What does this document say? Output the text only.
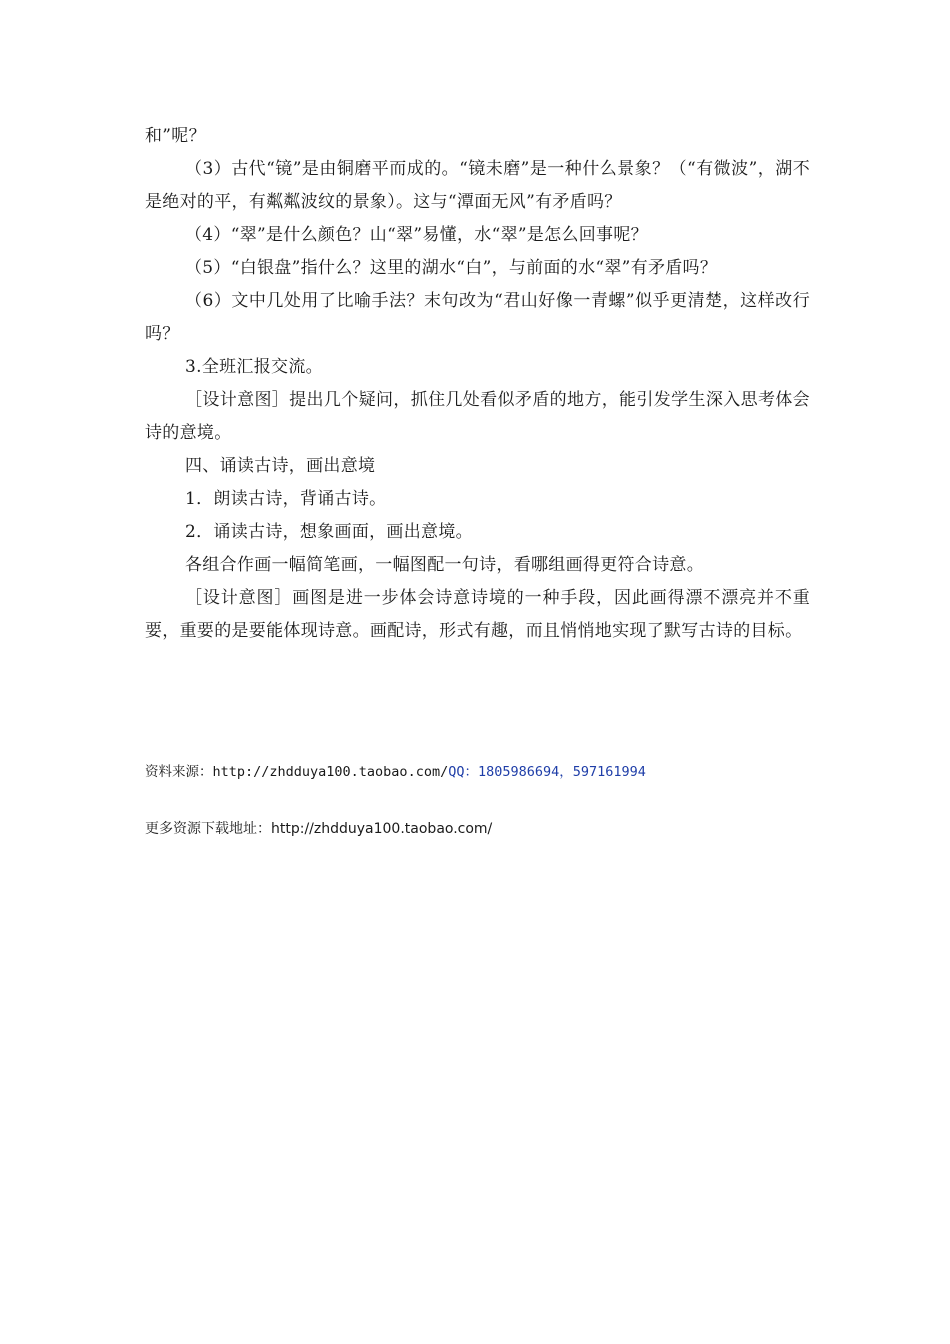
和”呢？

（3）古代“镜”是由铜磨平而成的。“镜未磨”是一种什么景象？（“有微波”，湖不是绝对的平，有粼粼波纹的景象）。这与“潭面无风”有矛盾吗？

（4）“翠”是什么颜色？山“翠”易懂，水“翠”是怎么回事呢？

（5）“白银盘”指什么？这里的湖水“白”，与前面的水“翠”有矛盾吗？

（6）文中几处用了比喻手法？末句改为“君山好像一青螺”似乎更清楚，这样改行吗？

3.全班汇报交流。

［设计意图］提出几个疑问，抓住几处看似矛盾的地方，能引发学生深入思考体会诗的意境。

四、诵读古诗，画出意境

1．朗读古诗，背诵古诗。

2．诵读古诗，想象画面，画出意境。

各组合作画一幅简笔画，一幅图配一句诗，看哪组画得更符合诗意。

［设计意图］画图是进一步体会诗意诗境的一种手段，因此画得漂不漂亮并不重要，重要的是要能体现诗意。画配诗，形式有趣，而且悄悄地实现了默写古诗的目标。

资料来源：http://zhdduya100.taobao.com/QQ：1805986694，597161994
更多资源下载地址：http://zhdduya100.taobao.com/
